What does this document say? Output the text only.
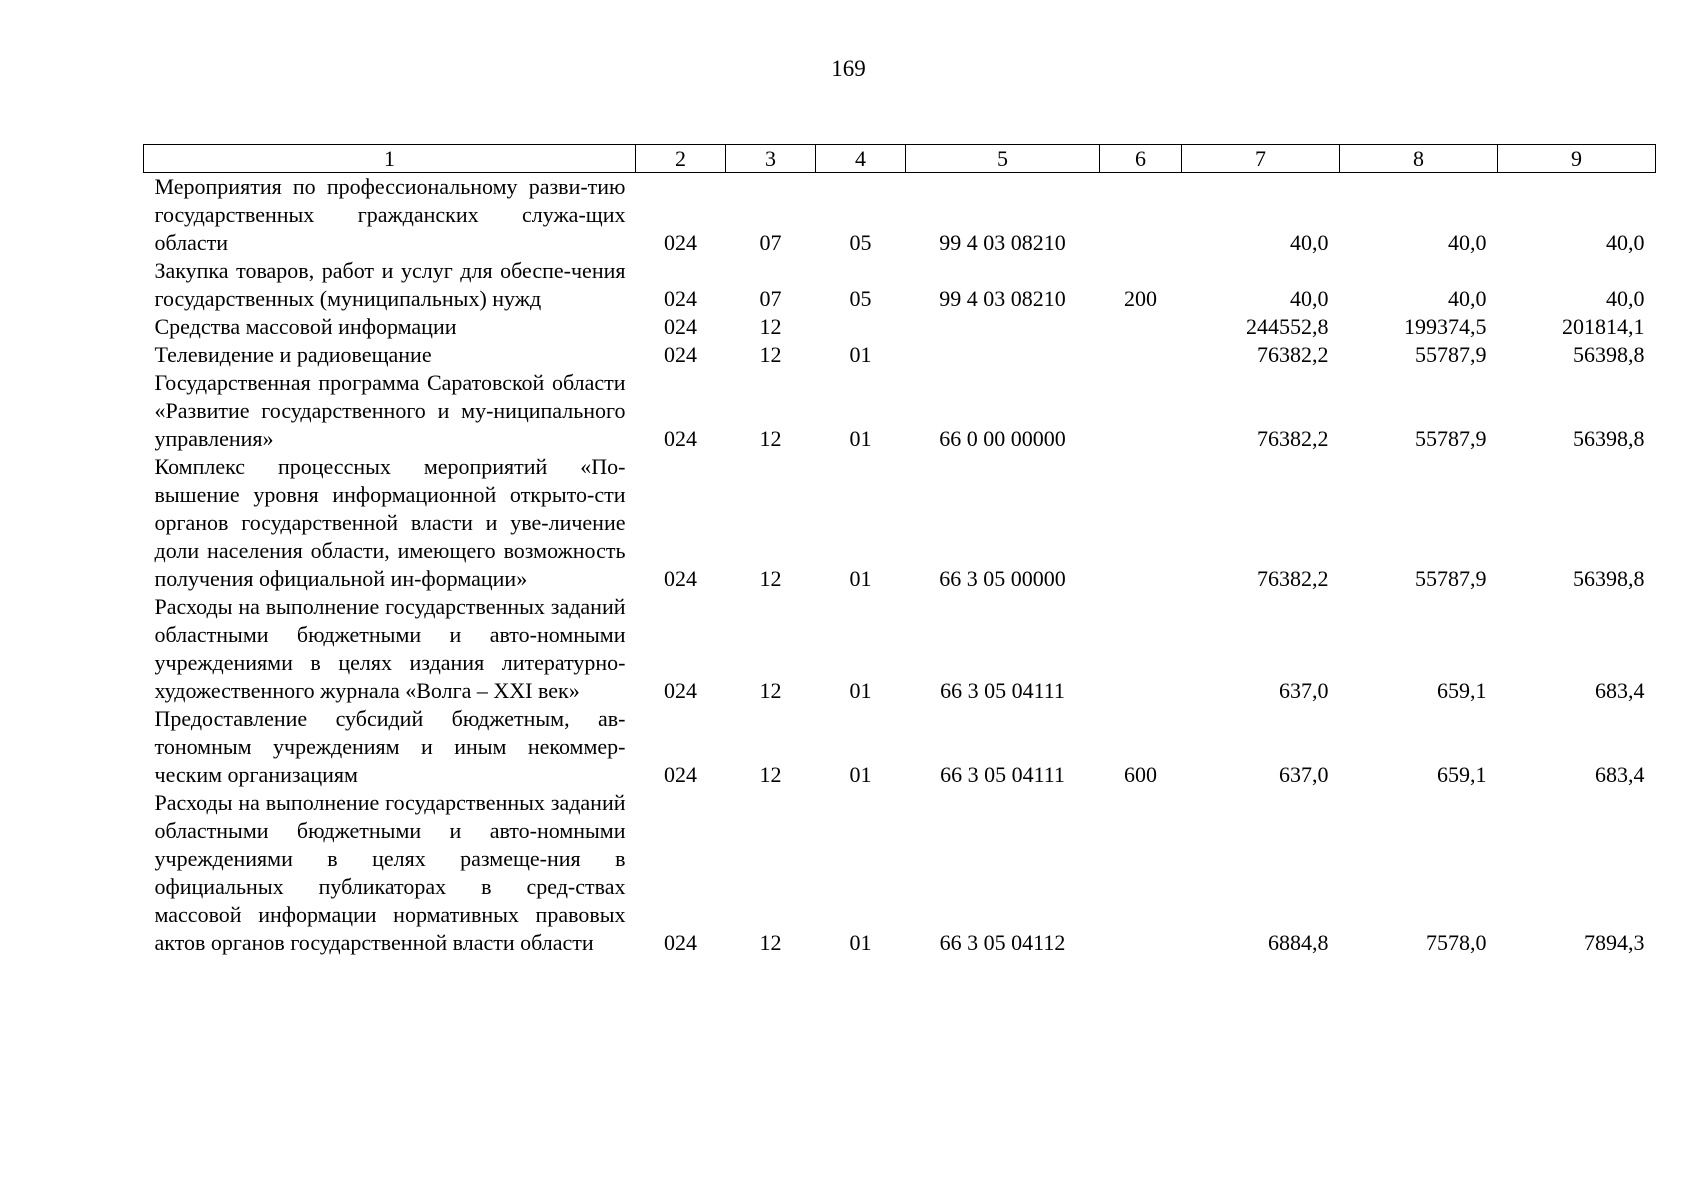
169
1	2	3	4	5	6	7	8	9
Мероприятия по профессиональному разви-тию государственных гражданских служа-щих области	024	07	05	99 4 03 08210		40,0	40,0	40,0
Закупка товаров, работ и услуг для обеспе-чения государственных (муниципальных) нужд	024	07	05	99 4 03 08210	200	40,0	40,0	40,0
Средства массовой информации	024	12				244552,8	199374,5	201814,1
Телевидение и радиовещание	024	12	01			76382,2	55787,9	56398,8
Государственная программа Саратовской области «Развитие государственного и му-ниципального управления»	024	12	01	66 0 00 00000		76382,2	55787,9	56398,8
Комплекс процессных мероприятий «По-вышение уровня информационной открыто-сти органов государственной власти и уве-личение доли населения области, имеющего возможность получения официальной ин-формации»	024	12	01	66 3 05 00000		76382,2	55787,9	56398,8
Расходы на выполнение государственных заданий областными бюджетными и авто-номными учреждениями в целях издания литературно-художественного журнала «Волга – XXI век»	024	12	01	66 3 05 04111		637,0	659,1	683,4
Предоставление субсидий бюджетным, ав-тономным учреждениям и иным некоммер-ческим организациям	024	12	01	66 3 05 04111	600	637,0	659,1	683,4
Расходы на выполнение государственных заданий областными бюджетными и авто-номными учреждениями в целях размеще-ния в официальных публикаторах в сред-ствах массовой информации нормативных правовых актов органов государственной власти области	024	12	01	66 3 05 04112		6884,8	7578,0	7894,3
